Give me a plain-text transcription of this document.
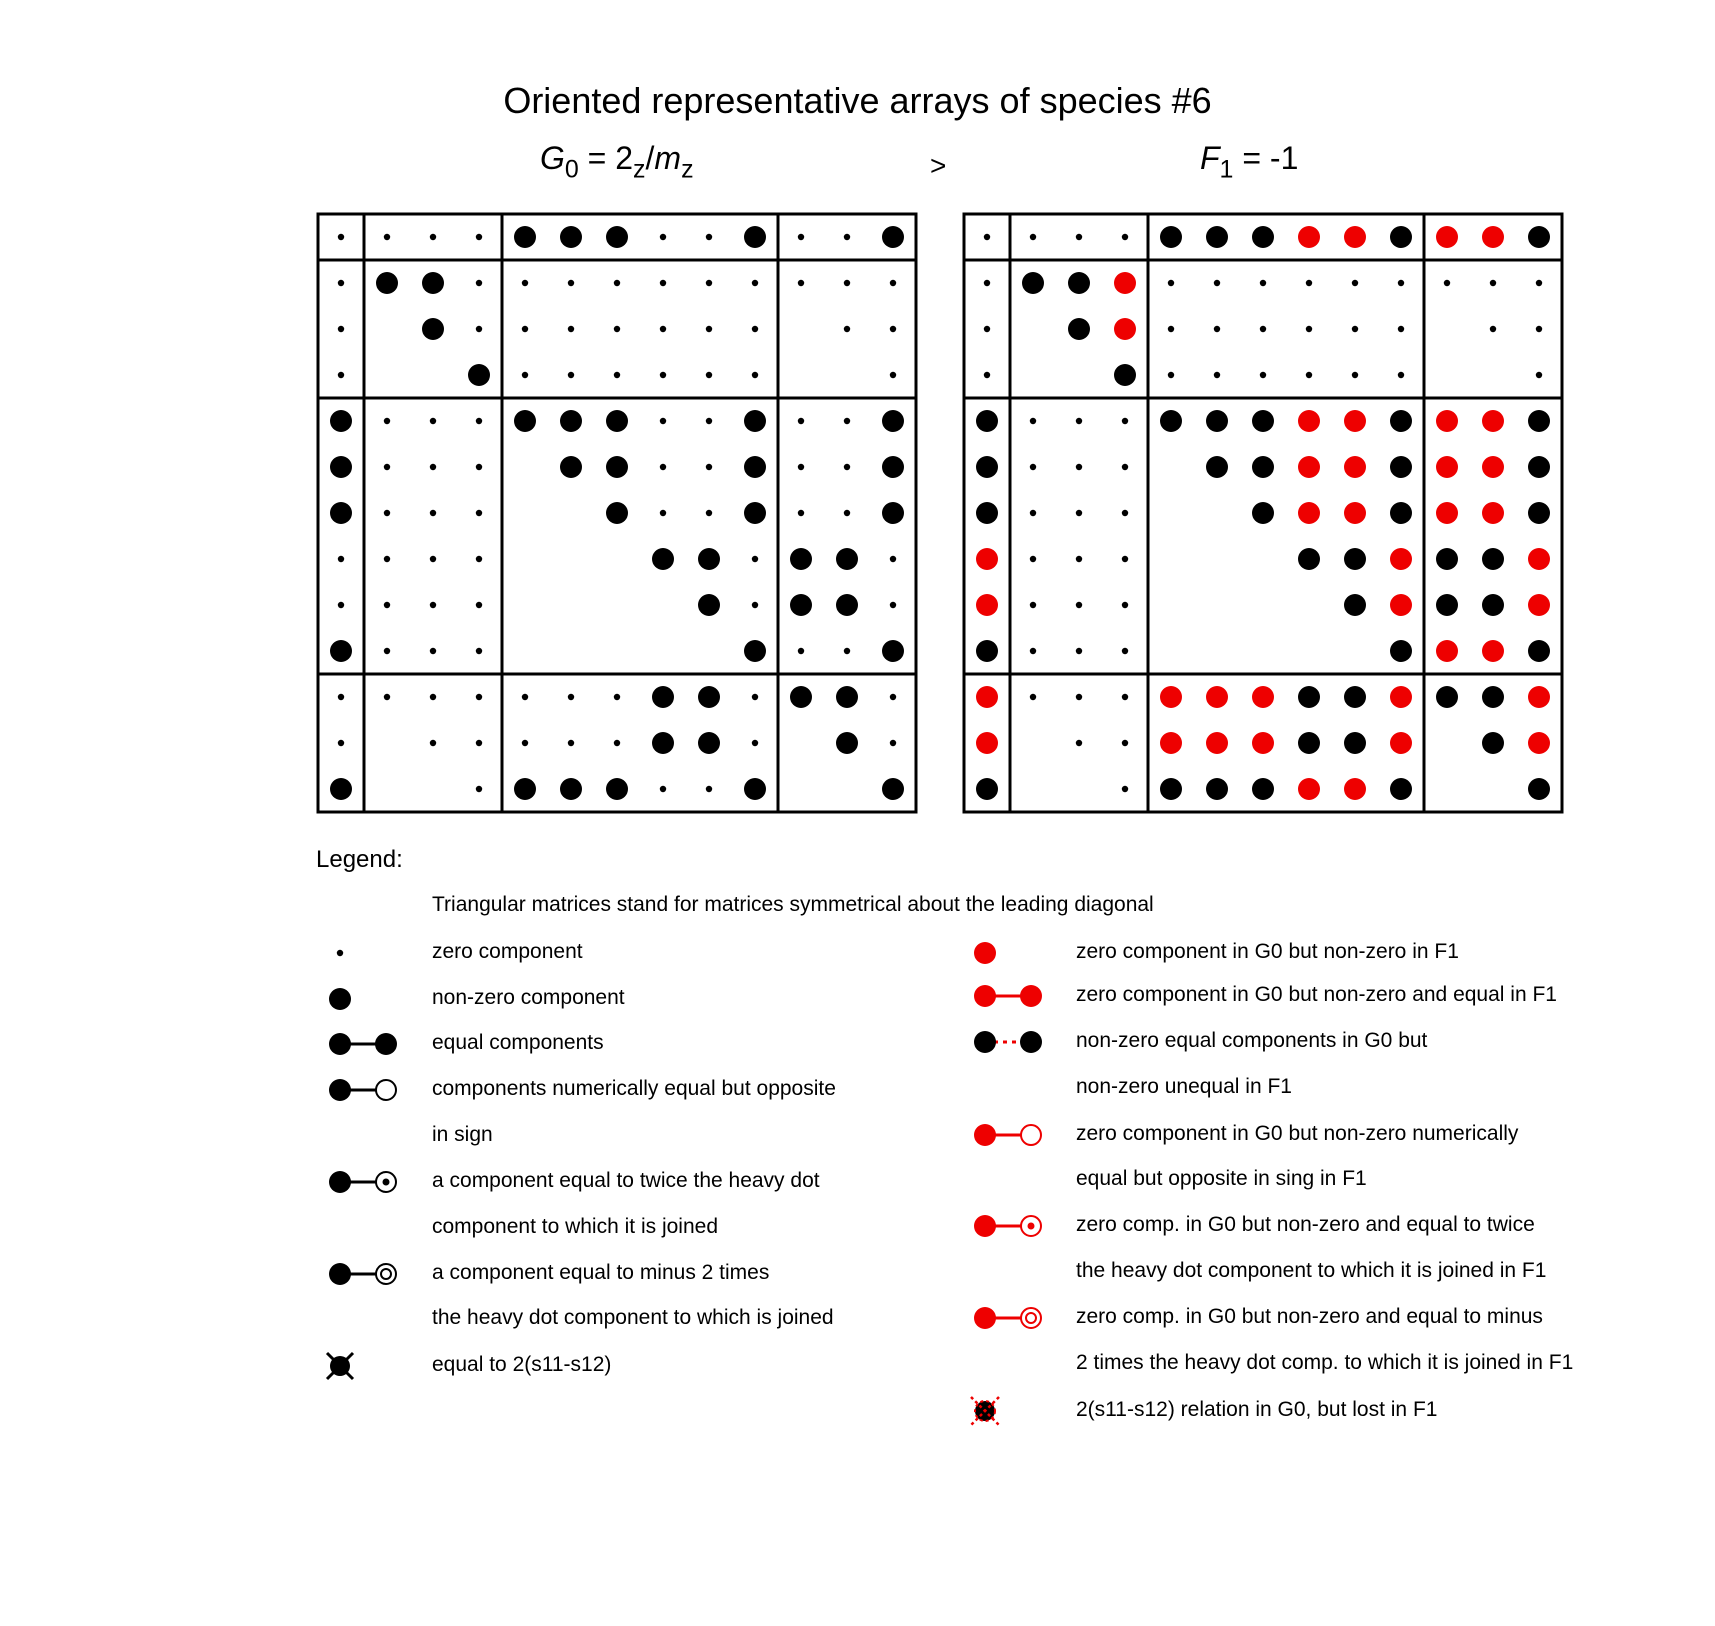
Oriented representative arrays of species #6
$G_0 = 2_z/m_z$	>	$F_1 = -1$
Legend:
Triangular matrices stand for matrices symmetrical about the leading diagonal
zero component
non-zero component
equal components
components numerically equal but opposite
in sign
a component equal to twice the heavy dot
component to which it is joined
a component equal to minus 2 times
the heavy dot component to which is joined
equal to 2(s11-s12)
zero component in G0 but non-zero in F1
zero component in G0 but non-zero and equal in F1
non-zero equal components in G0 but
non-zero unequal in F1
zero component in G0 but non-zero numerically
equal but opposite in sing in F1
zero comp. in G0 but non-zero and equal to twice
the heavy dot component to which it is joined in F1
zero comp. in G0 but non-zero and equal to minus
2 times the heavy dot comp. to which it is joined in F1
2(s11-s12) relation in G0, but lost in F1
